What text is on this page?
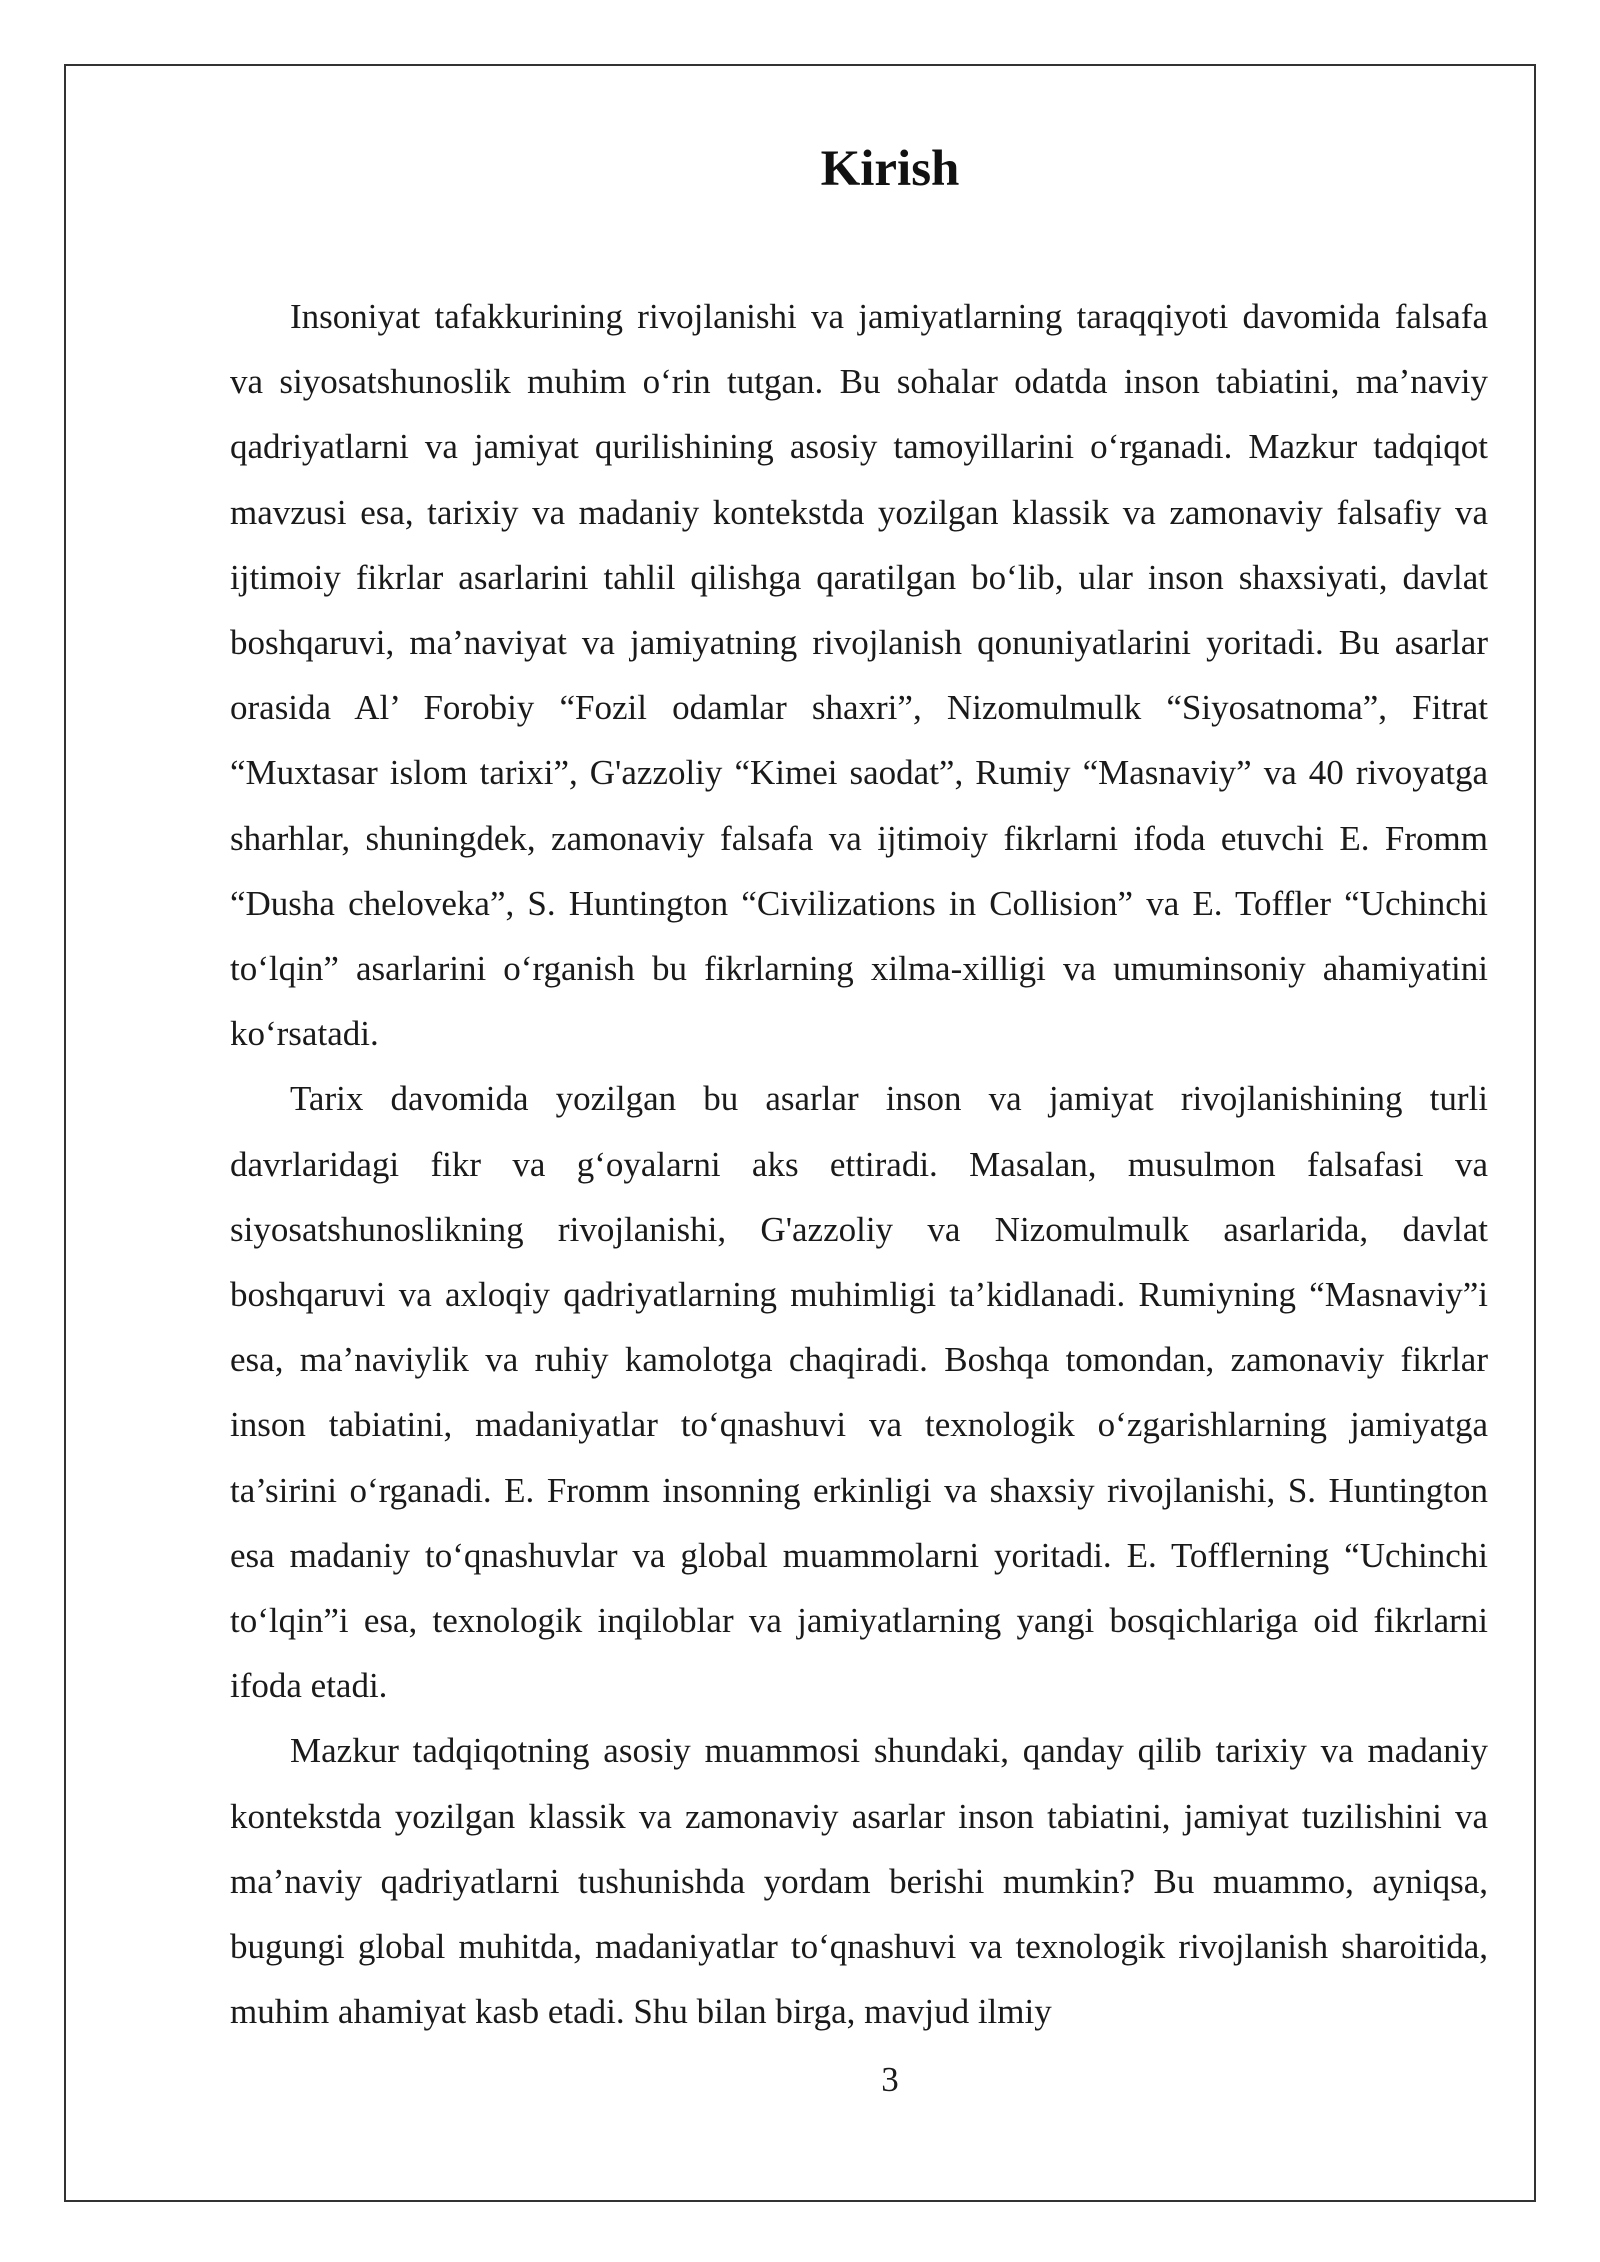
Kirish

Insoniyat tafakkurining rivojlanishi va jamiyatlarning taraqqiyoti davomida falsafa va siyosatshunoslik muhim o‘rin tutgan. Bu sohalar odatda inson tabiatini, ma’naviy qadriyatlarni va jamiyat qurilishining asosiy tamoyillarini o‘rganadi. Mazkur tadqiqot mavzusi esa, tarixiy va madaniy kontekstda yozilgan klassik va zamonaviy falsafiy va ijtimoiy fikrlar asarlarini tahlil qilishga qaratilgan bo‘lib, ular inson shaxsiyati, davlat boshqaruvi, ma’naviyat va jamiyatning rivojlanish qonuniyatlarini yoritadi. Bu asarlar orasida Al’ Forobiy “Fozil odamlar shaxri”, Nizomulmulk “Siyosatnoma”, Fitrat “Muxtasar islom tarixi”, G'azzoliy “Kimei saodat”, Rumiy “Masnaviy” va 40 rivoyatga sharhlar, shuningdek, zamonaviy falsafa va ijtimoiy fikrlarni ifoda etuvchi E. Fromm “Dusha cheloveka”, S. Huntington “Civilizations in Collision” va E. Toffler “Uchinchi to‘lqin” asarlarini o‘rganish bu fikrlarning xilma-xilligi va umuminsoniy ahamiyatini ko‘rsatadi.

Tarix davomida yozilgan bu asarlar inson va jamiyat rivojlanishining turli davrlaridagi fikr va g‘oyalarni aks ettiradi. Masalan, musulmon falsafasi va siyosatshunoslikning rivojlanishi, G'azzoliy va Nizomulmulk asarlarida, davlat boshqaruvi va axloqiy qadriyatlarning muhimligi ta’kidlanadi. Rumiyning “Masnaviy”i esa, ma’naviylik va ruhiy kamolotga chaqiradi. Boshqa tomondan, zamonaviy fikrlar inson tabiatini, madaniyatlar to‘qnashuvi va texnologik o‘zgarishlarning jamiyatga ta’sirini o‘rganadi. E. Fromm insonning erkinligi va shaxsiy rivojlanishi, S. Huntington esa madaniy to‘qnashuvlar va global muammolarni yoritadi. E. Tofflerning “Uchinchi to‘lqin”i esa, texnologik inqiloblar va jamiyatlarning yangi bosqichlariga oid fikrlarni ifoda etadi.

Mazkur tadqiqotning asosiy muammosi shundaki, qanday qilib tarixiy va madaniy kontekstda yozilgan klassik va zamonaviy asarlar inson tabiatini, jamiyat tuzilishini va ma’naviy qadriyatlarni tushunishda yordam berishi mumkin? Bu muammo, ayniqsa, bugungi global muhitda, madaniyatlar to‘qnashuvi va texnologik rivojlanish sharoitida, muhim ahamiyat kasb etadi. Shu bilan birga, mavjud ilmiy

3
